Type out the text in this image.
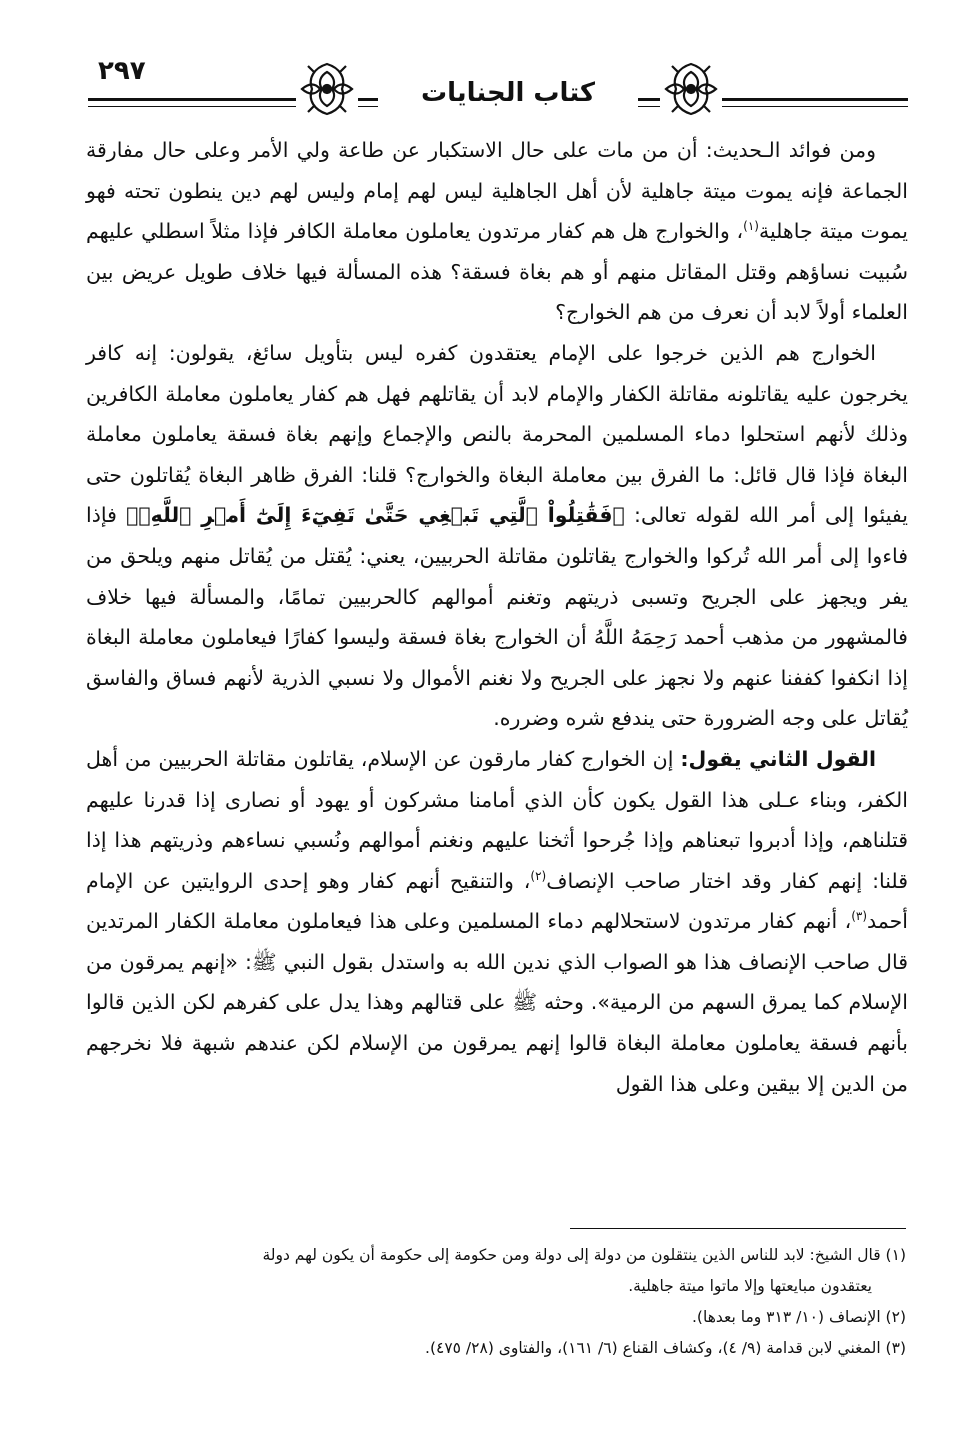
٢٩٧
كتاب الجنايات

ومن فوائد الـحديث: أن من مات على حال الاستكبار عن طاعة ولي الأمر وعلى حال مفارقة الجماعة فإنه يموت ميتة جاهلية لأن أهل الجاهلية ليس لهم إمام وليس لهم دين ينطون تحته فهو يموت ميتة جاهلية$^{(١)}$، والخوارج هل هم كفار مرتدون يعاملون معاملة الكافر فإذا مثلاً اسطلي عليهم سُبيت نساؤهم وقتل المقاتل منهم أو هم بغاة فسقة؟ هذه المسألة فيها خلاف طويل عريض بين العلماء أولاً لابد أن نعرف من هم الخوارج؟

الخوارج هم الذين خرجوا على الإمام يعتقدون كفره ليس بتأويل سائغ، يقولون: إنه كافر يخرجون عليه يقاتلونه مقاتلة الكفار والإمام لابد أن يقاتلهم فهل هم كفار يعاملون معاملة الكافرين وذلك لأنهم استحلوا دماء المسلمين المحرمة بالنص والإجماع وإنهم بغاة فسقة يعاملون معاملة البغاة فإذا قال قائل: ما الفرق بين معاملة البغاة والخوارج؟ قلنا: الفرق ظاهر البغاة يُقاتلون حتى يفيئوا إلى أمر الله لقوله تعالى: ﴿فَقَٰتِلُواْ ٱلَّتِي تَبۡغِي حَتَّىٰ تَفِيٓءَ إِلَىٰٓ أَمۡرِ ٱللَّهِۚ﴾ فإذا فاءوا إلى أمر الله تُركوا والخوارج يقاتلون مقاتلة الحربيين، يعني: يُقتل من يُقاتل منهم ويلحق من يفر ويجهز على الجريح وتسبى ذريتهم وتغنم أموالهم كالحربيين تمامًا، والمسألة فيها خلاف فالمشهور من مذهب أحمد رَحِمَهُ اللَّهُ أن الخوارج بغاة فسقة وليسوا كفارًا فيعاملون معاملة البغاة إذا انكفوا كففنا عنهم ولا نجهز على الجريح ولا نغنم الأموال ولا نسبي الذرية لأنهم فساق والفاسق يُقاتل على وجه الضرورة حتى يندفع شره وضرره.

القول الثاني يقول: إن الخوارج كفار مارقون عن الإسلام، يقاتلون مقاتلة الحربيين من أهل الكفر، وبناء عـلى هذا القول يكون كأن الذي أمامنا مشركون أو يهود أو نصارى إذا قدرنا عليهم قتلناهم، وإذا أدبروا تبعناهم وإذا جُرحوا أثخنا عليهم ونغنم أموالهم ونُسبي نساءهم وذريتهم هذا إذا قلنا: إنهم كفار وقد اختار صاحب الإنصاف$^{(٢)}$، والتنقيح أنهم كفار وهو إحدى الروايتين عن الإمام أحمد$^{(٣)}$، أنهم كفار مرتدون لاستحلالهم دماء المسلمين وعلى هذا فيعاملون معاملة الكفار المرتدين قال صاحب الإنصاف هذا هو الصواب الذي ندين الله به واستدل بقول النبي ﷺ: «إنهم يمرقون من الإسلام كما يمرق السهم من الرمية». وحثه ﷺ على قتالهم وهذا يدل على كفرهم لكن الذين قالوا بأنهم فسقة يعاملون معاملة البغاة قالوا إنهم يمرقون من الإسلام لكن عندهم شبهة فلا نخرجهم من الدين إلا بيقين وعلى هذا القول

(١) قال الشيخ: لابد للناس الذين ينتقلون من دولة إلى دولة ومن حكومة إلى حكومة أن يكون لهم دولة

يعتقدون مبايعتها وإلا ماتوا ميتة جاهلية.

(٢) الإنصاف (١٠/ ٣١٣ وما بعدها).

(٣) المغني لابن قدامة (٩/ ٤)، وكشاف القناع (٦/ ١٦١)، والفتاوى (٢٨/ ٤٧٥).
